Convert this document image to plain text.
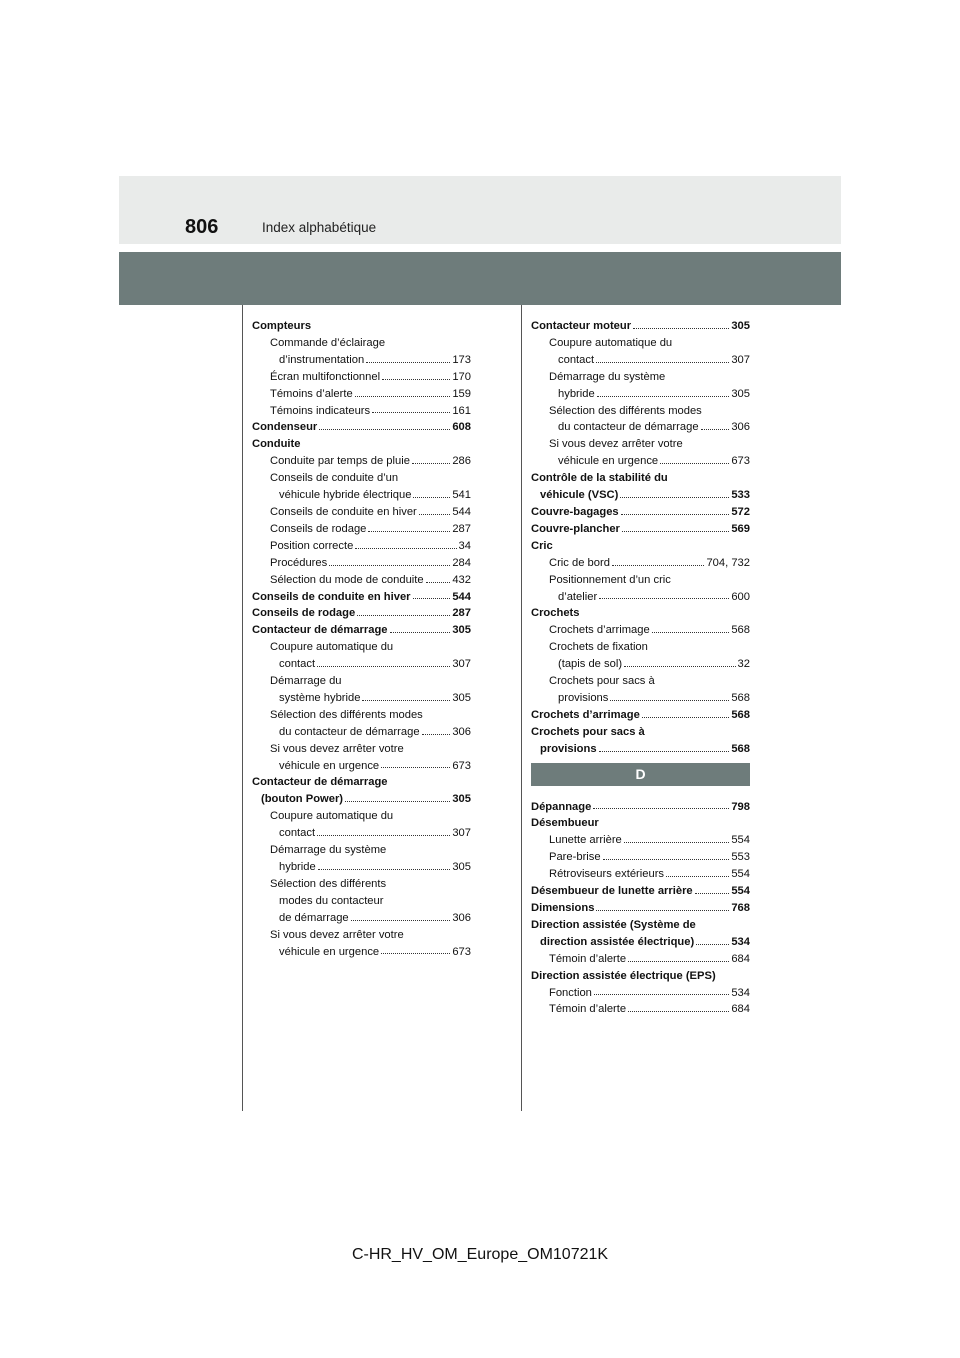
806	Index alphabétique
Compteurs
Commande d’éclairage
d’instrumentation	173
Écran multifonctionnel	170
Témoins d’alerte	159
Témoins indicateurs	161
Condenseur	608
Conduite
Conduite par temps de pluie	286
Conseils de conduite d’un
véhicule hybride électrique	541
Conseils de conduite en hiver	544
Conseils de rodage	287
Position correcte	34
Procédures	284
Sélection du mode de conduite	432
Conseils de conduite en hiver	544
Conseils de rodage	287
Contacteur de démarrage	305
Coupure automatique du
contact	307
Démarrage du
système hybride	305
Sélection des différents modes
du contacteur de démarrage	306
Si vous devez arrêter votre
véhicule en urgence	673
Contacteur de démarrage
(bouton Power)	305
Coupure automatique du
contact	307
Démarrage du système
hybride	305
Sélection des différents
modes du contacteur
de démarrage	306
Si vous devez arrêter votre
véhicule en urgence	673
Contacteur moteur	305
Coupure automatique du
contact	307
Démarrage du système
hybride	305
Sélection des différents modes
du contacteur de démarrage	306
Si vous devez arrêter votre
véhicule en urgence	673
Contrôle de la stabilité du
véhicule (VSC)	533
Couvre-bagages	572
Couvre-plancher	569
Cric
Cric de bord	704, 732
Positionnement d’un cric
d’atelier	600
Crochets
Crochets d’arrimage	568
Crochets de fixation
(tapis de sol)	32
Crochets pour sacs à
provisions	568
Crochets d’arrimage	568
Crochets pour sacs à
provisions	568
D
Dépannage	798
Désembueur
Lunette arrière	554
Pare-brise	553
Rétroviseurs extérieurs	554
Désembueur de lunette arrière	554
Dimensions	768
Direction assistée (Système de
direction assistée électrique)	534
Témoin d’alerte	684
Direction assistée électrique (EPS)
Fonction	534
Témoin d’alerte	684
C-HR_HV_OM_Europe_OM10721K
